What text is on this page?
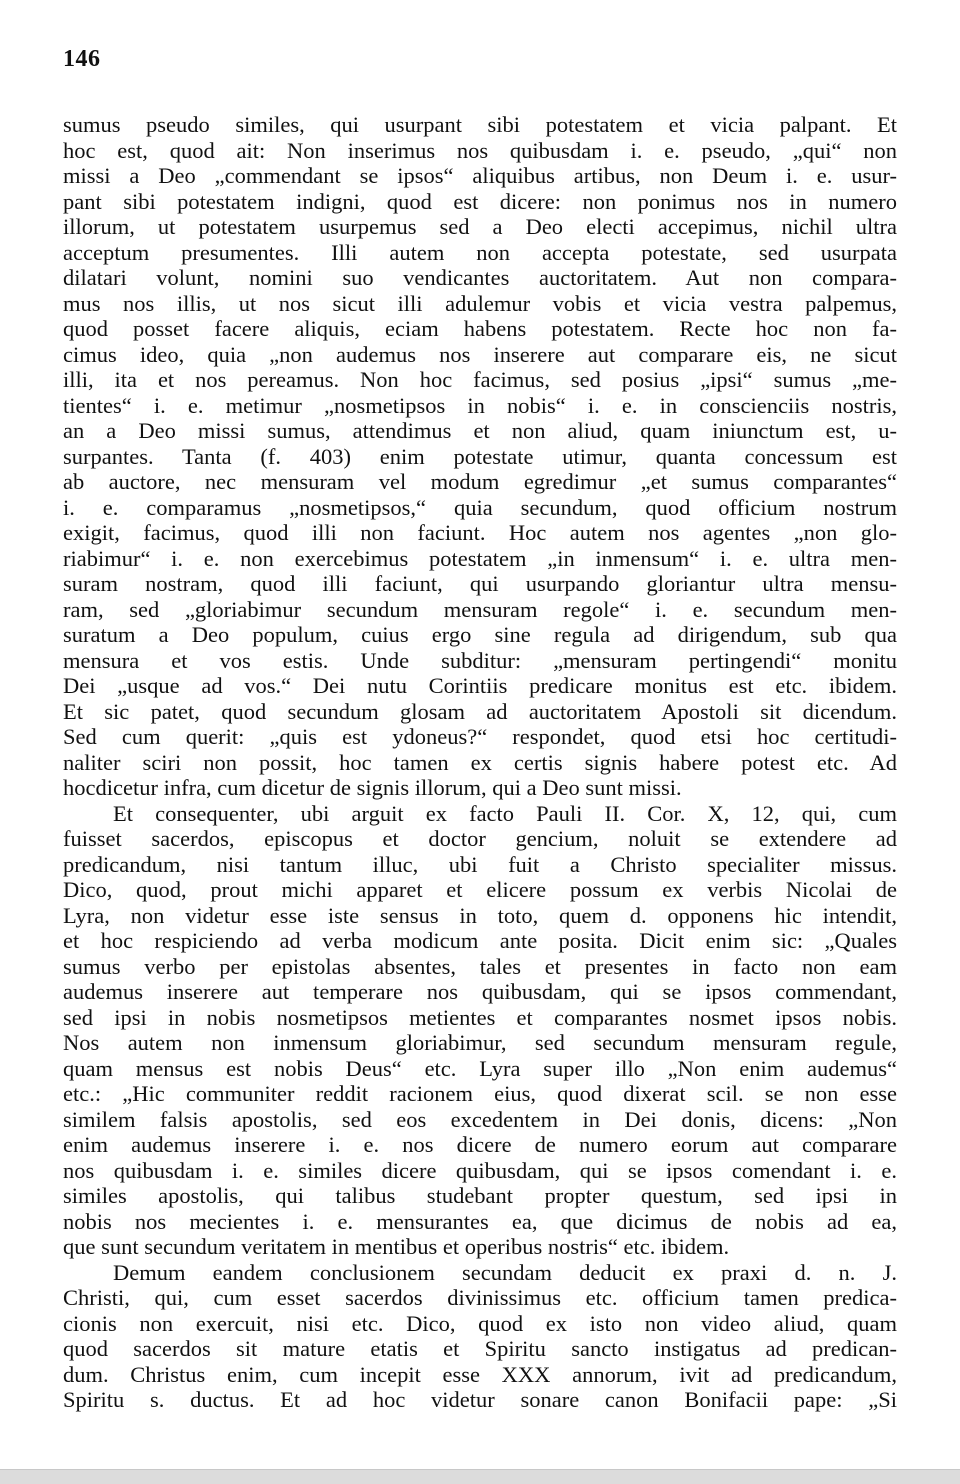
146
sumus pseudo similes, qui usurpant sibi potestatem et vicia palpant. Et
hoc est, quod ait: Non inserimus nos quibusdam i. e. pseudo, „qui“ non
missi a Deo „commendant se ipsos“ aliquibus artibus, non Deum i. e. usur-
pant sibi potestatem indigni, quod est dicere: non ponimus nos in numero
illorum, ut potestatem usurpemus sed a Deo electi accepimus, nichil ultra
acceptum presumentes. Illi autem non accepta potestate, sed usurpata
dilatari volunt, nomini suo vendicantes auctoritatem. Aut non compara-
mus nos illis, ut nos sicut illi adulemur vobis et vicia vestra palpemus,
quod posset facere aliquis, eciam habens potestatem. Recte hoc non fa-
cimus ideo, quia „non audemus nos inserere aut comparare eis, ne sicut
illi, ita et nos pereamus. Non hoc facimus, sed posius „ipsi“ sumus „me-
tientes“ i. e. metimur „nosmetipsos in nobis“ i. e. in conscienciis nostris,
an a Deo missi sumus, attendimus et non aliud, quam iniunctum est, u-
surpantes. Tanta (f. 403) enim potestate utimur, quanta concessum est
ab auctore, nec mensuram vel modum egredimur „et sumus comparantes“
i. e. comparamus „nosmetipsos,“ quia secundum, quod officium nostrum
exigit, facimus, quod illi non faciunt. Hoc autem nos agentes „non glo-
riabimur“ i. e. non exercebimus potestatem „in inmensum“ i. e. ultra men-
suram nostram, quod illi faciunt, qui usurpando gloriantur ultra mensu-
ram, sed „gloriabimur secundum mensuram regole“ i. e. secundum men-
suratum a Deo populum, cuius ergo sine regula ad dirigendum, sub qua
mensura et vos estis. Unde subditur: „mensuram pertingendi“ monitu
Dei „usque ad vos.“ Dei nutu Corintiis predicare monitus est etc. ibidem.
Et sic patet, quod secundum glosam ad auctoritatem Apostoli sit dicendum.
Sed cum querit: „quis est ydoneus?“ respondet, quod etsi hoc certitudi-
naliter sciri non possit, hoc tamen ex certis signis habere potest etc. Ad
hocdicetur infra, cum dicetur de signis illorum, qui a Deo sunt missi.
Et consequenter, ubi arguit ex facto Pauli II. Cor. X, 12, qui, cum
fuisset sacerdos, episcopus et doctor gencium, noluit se extendere ad
predicandum, nisi tantum illuc, ubi fuit a Christo specialiter missus.
Dico, quod, prout michi apparet et elicere possum ex verbis Nicolai de
Lyra, non videtur esse iste sensus in toto, quem d. opponens hic intendit,
et hoc respiciendo ad verba modicum ante posita. Dicit enim sic: „Quales
sumus verbo per epistolas absentes, tales et presentes in facto non eam
audemus inserere aut temperare nos quibusdam, qui se ipsos commendant,
sed ipsi in nobis nosmetipsos metientes et comparantes nosmet ipsos nobis.
Nos autem non inmensum gloriabimur, sed secundum mensuram regule,
quam mensus est nobis Deus“ etc. Lyra super illo „Non enim audemus“
etc.: „Hic communiter reddit racionem eius, quod dixerat scil. se non esse
similem falsis apostolis, sed eos excedentem in Dei donis, dicens: „Non
enim audemus inserere i. e. nos dicere de numero eorum aut comparare
nos quibusdam i. e. similes dicere quibusdam, qui se ipsos comendant i. e.
similes apostolis, qui talibus studebant propter questum, sed ipsi in
nobis nos mecientes i. e. mensurantes ea, que dicimus de nobis ad ea,
que sunt secundum veritatem in mentibus et operibus nostris“ etc. ibidem.
Demum eandem conclusionem secundam deducit ex praxi d. n. J.
Christi, qui, cum esset sacerdos divinissimus etc. officium tamen predica-
cionis non exercuit, nisi etc. Dico, quod ex isto non video aliud, quam
quod sacerdos sit mature etatis et Spiritu sancto instigatus ad predican-
dum. Christus enim, cum incepit esse XXX annorum, ivit ad predicandum,
Spiritu s. ductus. Et ad hoc videtur sonare canon Bonifacii pape: „Si
